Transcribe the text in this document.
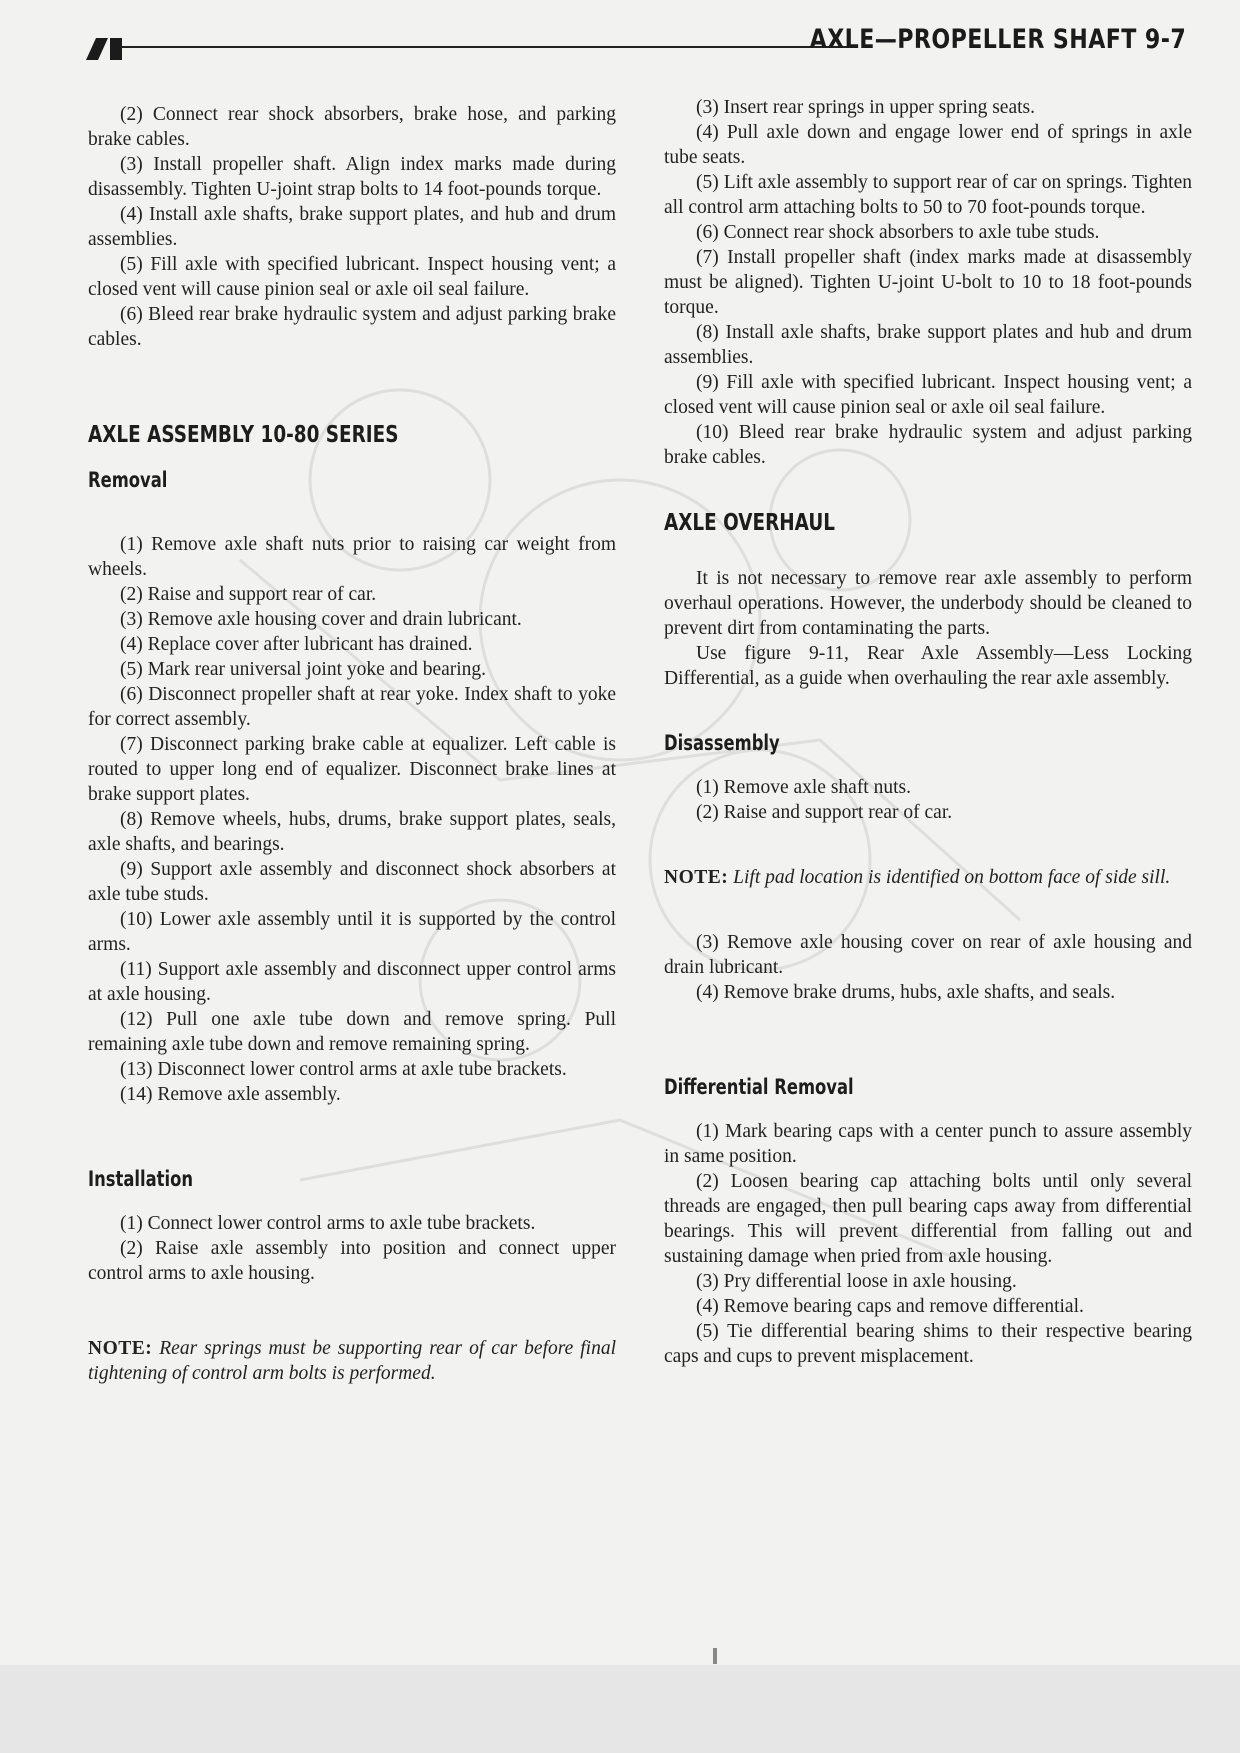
AXLE—PROPELLER SHAFT 9-7

(2) Connect rear shock absorbers, brake hose, and parking brake cables.

(3) Install propeller shaft. Align index marks made during disassembly. Tighten U-joint strap bolts to 14 foot-pounds torque.

(4) Install axle shafts, brake support plates, and hub and drum assemblies.

(5) Fill axle with specified lubricant. Inspect housing vent; a closed vent will cause pinion seal or axle oil seal failure.

(6) Bleed rear brake hydraulic system and adjust parking brake cables.

AXLE ASSEMBLY 10-80 SERIES
Removal

(1) Remove axle shaft nuts prior to raising car weight from wheels.

(2) Raise and support rear of car.

(3) Remove axle housing cover and drain lubricant.

(4) Replace cover after lubricant has drained.

(5) Mark rear universal joint yoke and bearing.

(6) Disconnect propeller shaft at rear yoke. Index shaft to yoke for correct assembly.

(7) Disconnect parking brake cable at equalizer. Left cable is routed to upper long end of equalizer. Disconnect brake lines at brake support plates.

(8) Remove wheels, hubs, drums, brake support plates, seals, axle shafts, and bearings.

(9) Support axle assembly and disconnect shock absorbers at axle tube studs.

(10) Lower axle assembly until it is supported by the control arms.

(11) Support axle assembly and disconnect upper control arms at axle housing.

(12) Pull one axle tube down and remove spring. Pull remaining axle tube down and remove remaining spring.

(13) Disconnect lower control arms at axle tube brackets.

(14) Remove axle assembly.

Installation

(1) Connect lower control arms to axle tube brackets.

(2) Raise axle assembly into position and connect upper control arms to axle housing.

NOTE: Rear springs must be supporting rear of car before final tightening of control arm bolts is performed.

(3) Insert rear springs in upper spring seats.

(4) Pull axle down and engage lower end of springs in axle tube seats.

(5) Lift axle assembly to support rear of car on springs. Tighten all control arm attaching bolts to 50 to 70 foot-pounds torque.

(6) Connect rear shock absorbers to axle tube studs.

(7) Install propeller shaft (index marks made at disassembly must be aligned). Tighten U-joint U-bolt to 10 to 18 foot-pounds torque.

(8) Install axle shafts, brake support plates and hub and drum assemblies.

(9) Fill axle with specified lubricant. Inspect housing vent; a closed vent will cause pinion seal or axle oil seal failure.

(10) Bleed rear brake hydraulic system and adjust parking brake cables.

AXLE OVERHAUL

It is not necessary to remove rear axle assembly to perform overhaul operations. However, the underbody should be cleaned to prevent dirt from contaminating the parts.

Use figure 9-11, Rear Axle Assembly—Less Locking Differential, as a guide when overhauling the rear axle assembly.

Disassembly

(1) Remove axle shaft nuts.

(2) Raise and support rear of car.

NOTE: Lift pad location is identified on bottom face of side sill.

(3) Remove axle housing cover on rear of axle housing and drain lubricant.

(4) Remove brake drums, hubs, axle shafts, and seals.

Differential Removal

(1) Mark bearing caps with a center punch to assure assembly in same position.

(2) Loosen bearing cap attaching bolts until only several threads are engaged, then pull bearing caps away from differential bearings. This will prevent differential from falling out and sustaining damage when pried from axle housing.

(3) Pry differential loose in axle housing.

(4) Remove bearing caps and remove differential.

(5) Tie differential bearing shims to their respective bearing caps and cups to prevent misplacement.
